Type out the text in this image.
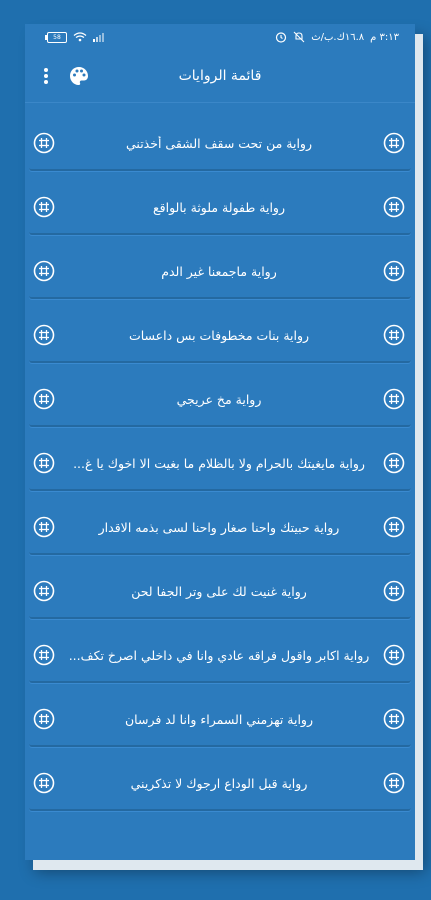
58	١٦.٨ك.ب/ث ٣:١٣ م
قائمة الروايات
رواية من تحت سقف الشقى أخذتني
رواية طفولة ملوثة بالواقع
رواية ماجمعنا غير الدم
رواية بنات مخطوفات بس داعسات
رواية مخ عريجي
رواية مايغيتك بالحرام ولا بالظلام ما بغيت الا اخوك يا غ...
رواية حبيتك واحنا صغار واحنا لسى بذمه الاقدار
رواية غنيت لك على وتر الجفا لحن
رواية اكابر واقول فراقه عادي وانا في داخلي اصرخ تكف...
رواية تهزمني السمراء وانا لد فرسان
رواية قبل الوداع ارجوك لا تذكريني
